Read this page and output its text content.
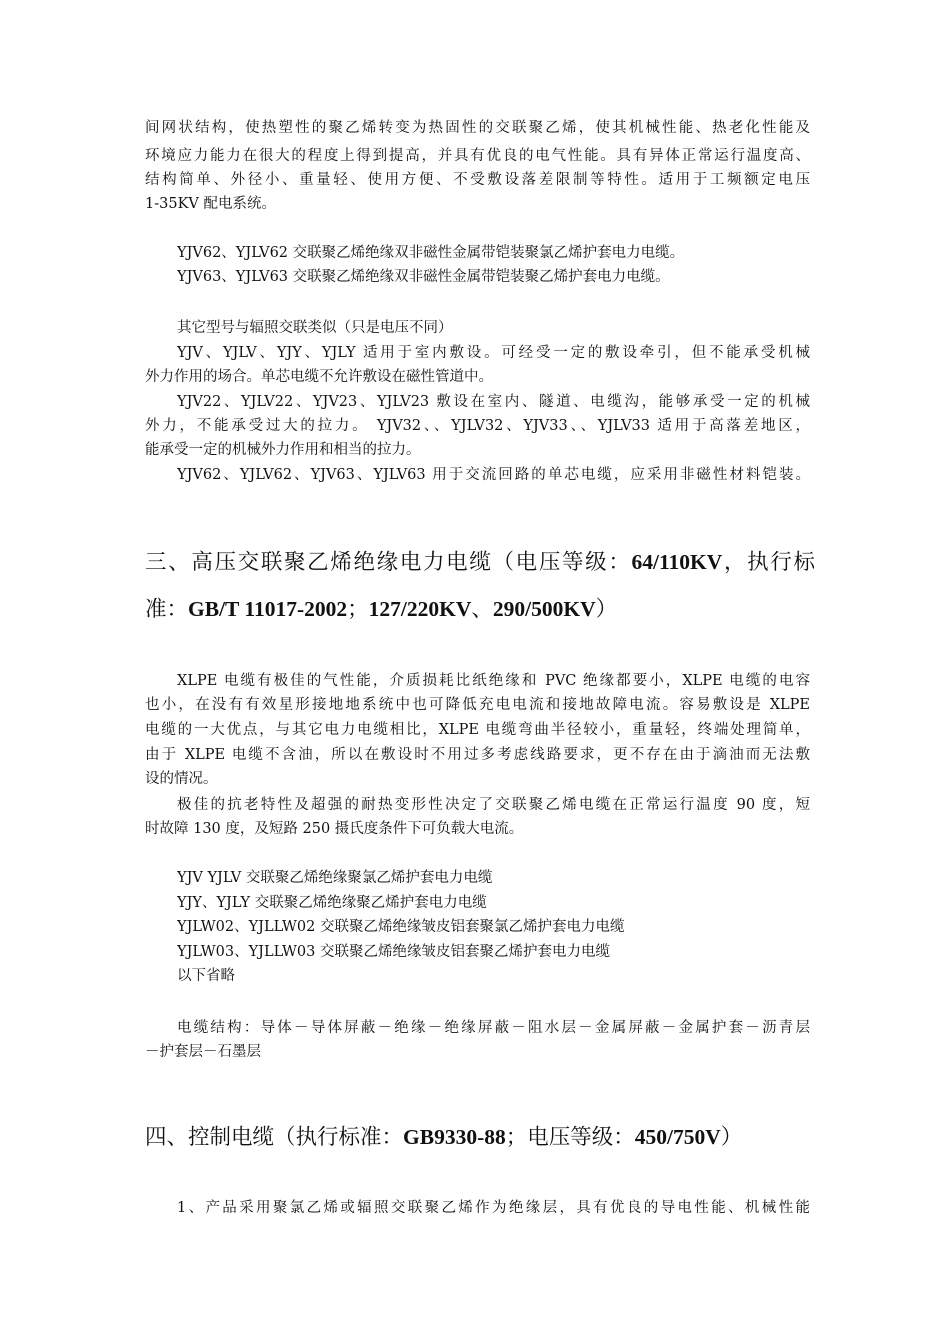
间网状结构，使热塑性的聚乙烯转变为热固性的交联聚乙烯，使其机械性能、热老化性能及
环境应力能力在很大的程度上得到提高，并具有优良的电气性能。具有异体正常运行温度高、
结构简单、外径小、重量轻、使用方便、不受敷设落差限制等特性。适用于工频额定电压
1-35KV 配电系统。
YJV62、YJLV62 交联聚乙烯绝缘双非磁性金属带铠装聚氯乙烯护套电力电缆。
YJV63、YJLV63 交联聚乙烯绝缘双非磁性金属带铠装聚乙烯护套电力电缆。
其它型号与辐照交联类似（只是电压不同）
YJV、YJLV、YJY、YJLY 适用于室内敷设。可经受一定的敷设牵引，但不能承受机械
外力作用的场合。单芯电缆不允许敷设在磁性管道中。
YJV22、YJLV22、YJV23、YJLV23 敷设在室内、隧道、电缆沟，能够承受一定的机械
外力，不能承受过大的拉力。 YJV32、、YJLV32、YJV33、、YJLV33 适用于高落差地区，
能承受一定的机械外力作用和相当的拉力。
YJV62、YJLV62、YJV63、YJLV63 用于交流回路的单芯电缆，应采用非磁性材料铠装。
三、高压交联聚乙烯绝缘电力电缆（电压等级：64/110KV，执行标
准：GB/T 11017-2002；127/220KV、290/500KV）
XLPE 电缆有极佳的气性能，介质损耗比纸绝缘和 PVC 绝缘都要小，XLPE 电缆的电容
也小，在没有有效星形接地地系统中也可降低充电电流和接地故障电流。容易敷设是 XLPE
电缆的一大优点，与其它电力电缆相比，XLPE 电缆弯曲半径较小，重量轻，终端处理简单，
由于 XLPE 电缆不含油，所以在敷设时不用过多考虑线路要求，更不存在由于滴油而无法敷
设的情况。
极佳的抗老特性及超强的耐热变形性决定了交联聚乙烯电缆在正常运行温度 90 度，短
时故障 130 度，及短路 250 摄氏度条件下可负载大电流。
YJV YJLV 交联聚乙烯绝缘聚氯乙烯护套电力电缆
YJY、YJLY 交联聚乙烯绝缘聚乙烯护套电力电缆
YJLW02、YJLLW02 交联聚乙烯绝缘皱皮铝套聚氯乙烯护套电力电缆
YJLW03、YJLLW03 交联聚乙烯绝缘皱皮铝套聚乙烯护套电力电缆
以下省略
电缆结构：导体－导体屏蔽－绝缘－绝缘屏蔽－阻水层－金属屏蔽－金属护套－沥青层
－护套层－石墨层
四、控制电缆（执行标准：GB9330-88；电压等级：450/750V）
1、产品采用聚氯乙烯或辐照交联聚乙烯作为绝缘层，具有优良的导电性能、机械性能
